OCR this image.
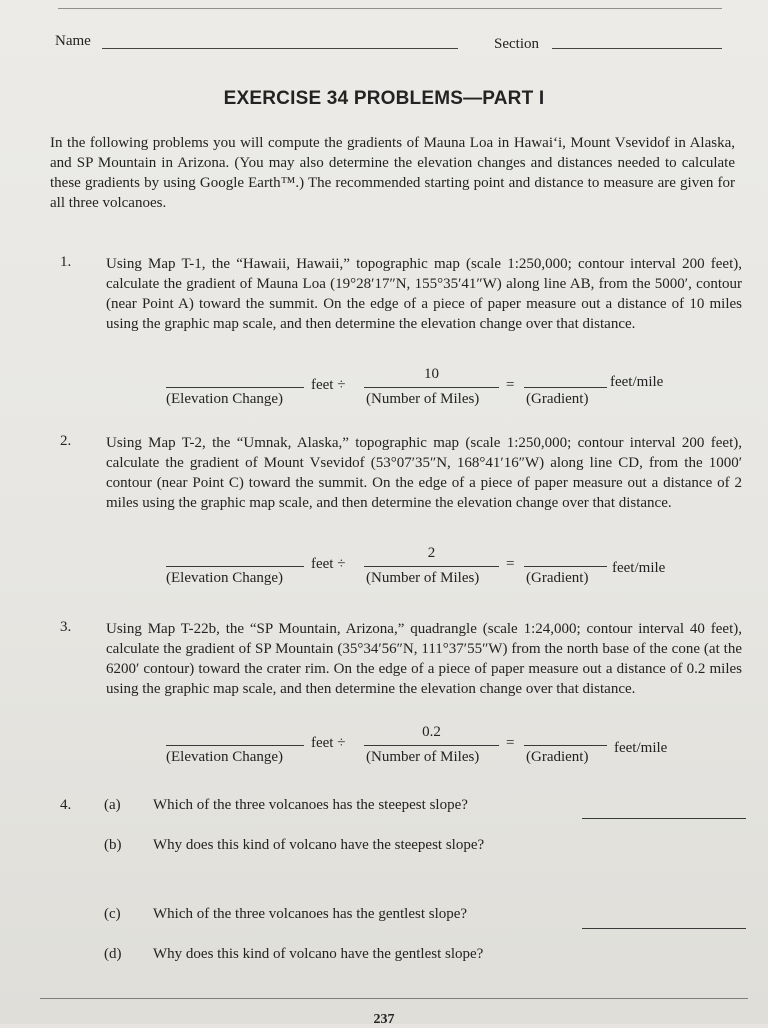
Name	Section
EXERCISE 34 PROBLEMS—PART I
In the following problems you will compute the gradients of Mauna Loa in Hawaiʻi, Mount Vsevidof in Alaska, and SP Mountain in Arizona. (You may also determine the elevation changes and distances needed to calculate these gradients by using Google Earth™.) The recommended starting point and distance to measure are given for all three volcanoes.
1. Using Map T-1, the “Hawaii, Hawaii,” topographic map (scale 1:250,000; contour interval 200 feet), calculate the gradient of Mauna Loa (19°28′17″N, 155°35′41″W) along line AB, from the 5000′, contour (near Point A) toward the summit. On the edge of a piece of paper measure out a distance of 10 miles using the graphic map scale, and then determine the elevation change over that distance.
(Elevation Change)
feet ÷
10
(Number of Miles)
=
(Gradient)
feet/mile
2. Using Map T-2, the “Umnak, Alaska,” topographic map (scale 1:250,000; contour interval 200 feet), calculate the gradient of Mount Vsevidof (53°07′35″N, 168°41′16″W) along line CD, from the 1000′ contour (near Point C) toward the summit. On the edge of a piece of paper measure out a distance of 2 miles using the graphic map scale, and then determine the elevation change over that distance.
(Elevation Change)
feet ÷
2
(Number of Miles)
=
(Gradient)
feet/mile
3. Using Map T-22b, the “SP Mountain, Arizona,” quadrangle (scale 1:24,000; contour interval 40 feet), calculate the gradient of SP Mountain (35°34′56″N, 111°37′55″W) from the north base of the cone (at the 6200′ contour) toward the crater rim. On the edge of a piece of paper measure out a distance of 0.2 miles using the graphic map scale, and then determine the elevation change over that distance.
(Elevation Change)
feet ÷
0.2
(Number of Miles)
=
(Gradient)
feet/mile
4. (a) Which of the three volcanoes has the steepest slope?
(b) Why does this kind of volcano have the steepest slope?
(c) Which of the three volcanoes has the gentlest slope?
(d) Why does this kind of volcano have the gentlest slope?
237
